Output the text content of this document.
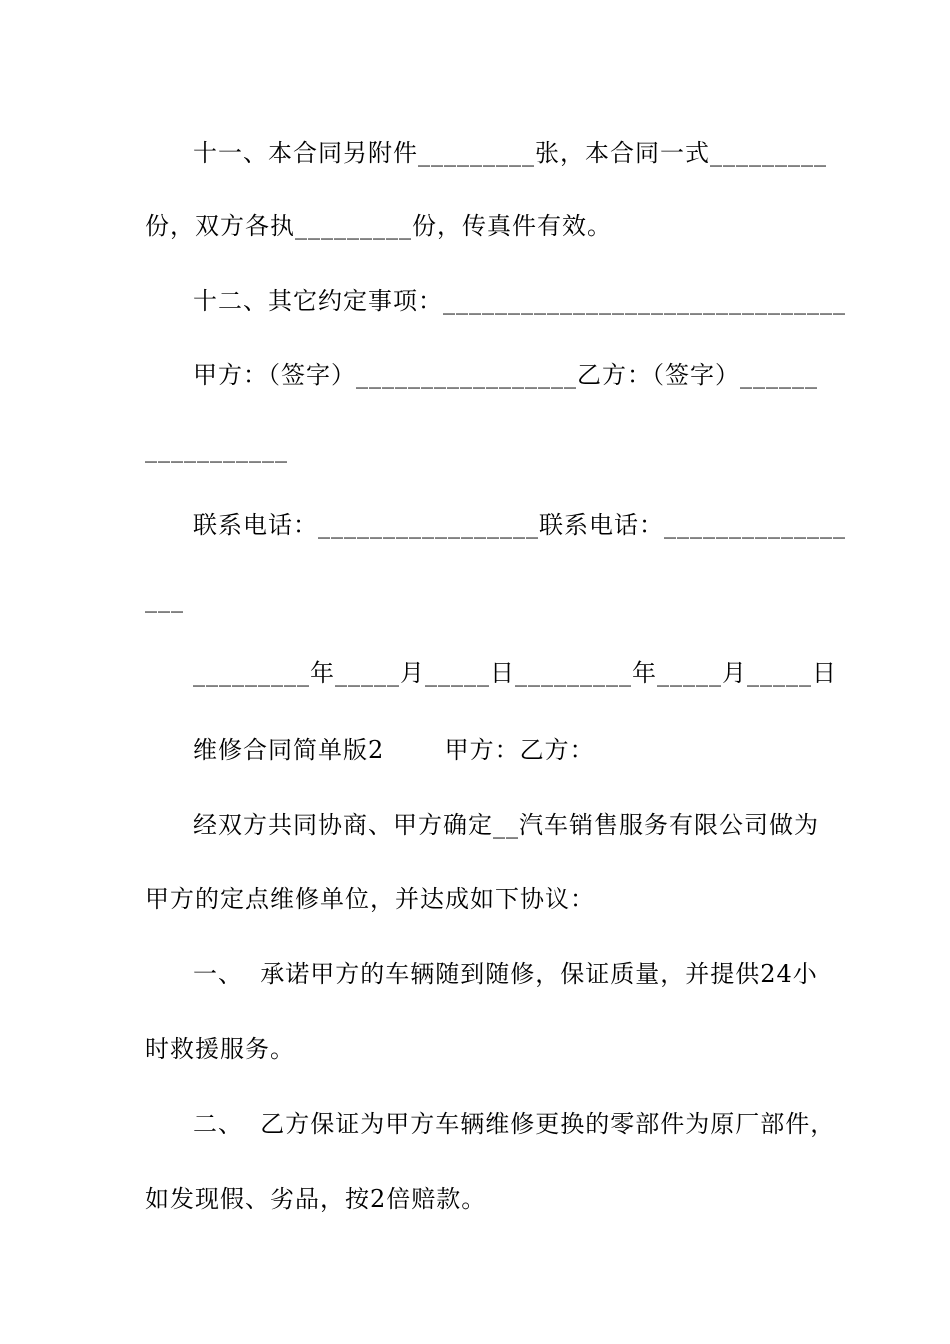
十一、本合同另附件_________张，本合同一式_________
份，双方各执_________份，传真件有效。
十二、其它约定事项：_______________________________
甲方：（签字）_________________乙方：（签字）______
___________
联系电话：_________________联系电话：______________
___
_________年_____月_____日_________年_____月_____日
维修合同简单版2       甲方：乙方：
经双方共同协商、甲方确定__汽车销售服务有限公司做为
甲方的定点维修单位，并达成如下协议：
一、  承诺甲方的车辆随到随修，保证质量，并提供24小
时救援服务。
二、  乙方保证为甲方车辆维修更换的零部件为原厂部件，
如发现假、劣品，按2倍赔款。
